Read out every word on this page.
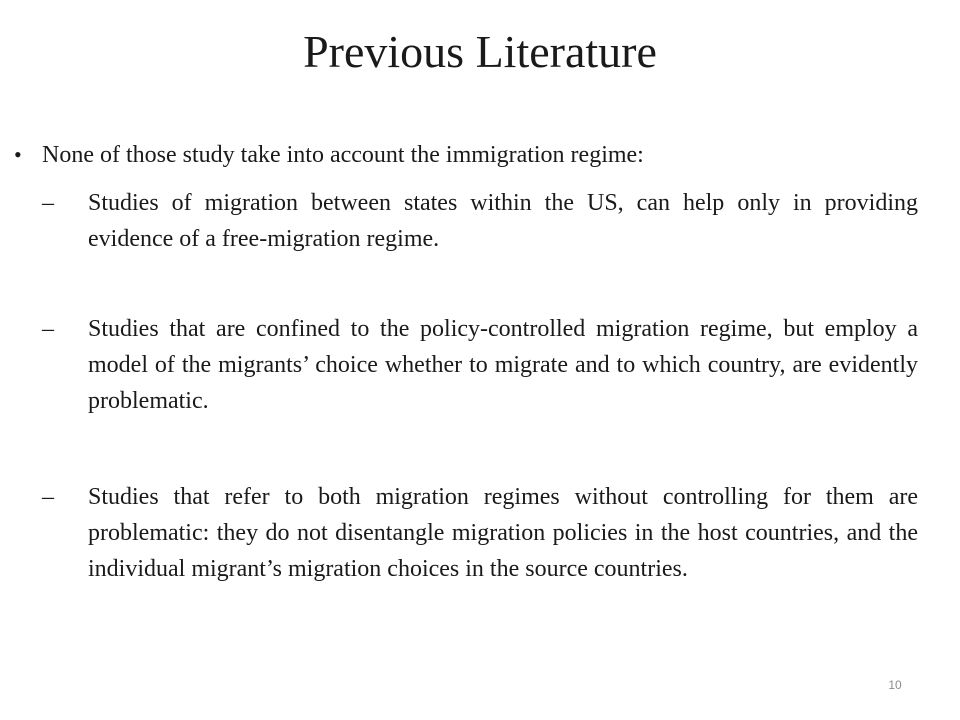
Previous Literature
• None of those study take into account the immigration regime:
– Studies of migration between states within the US, can help only in providing evidence of a free-migration regime.
– Studies that are confined to the policy-controlled migration regime, but employ a model of the migrants’ choice whether to migrate and to which country, are evidently problematic.
– Studies that refer to both migration regimes without controlling for them are problematic: they do not disentangle migration policies in the host countries, and the individual migrant’s migration choices in the source countries.
10
